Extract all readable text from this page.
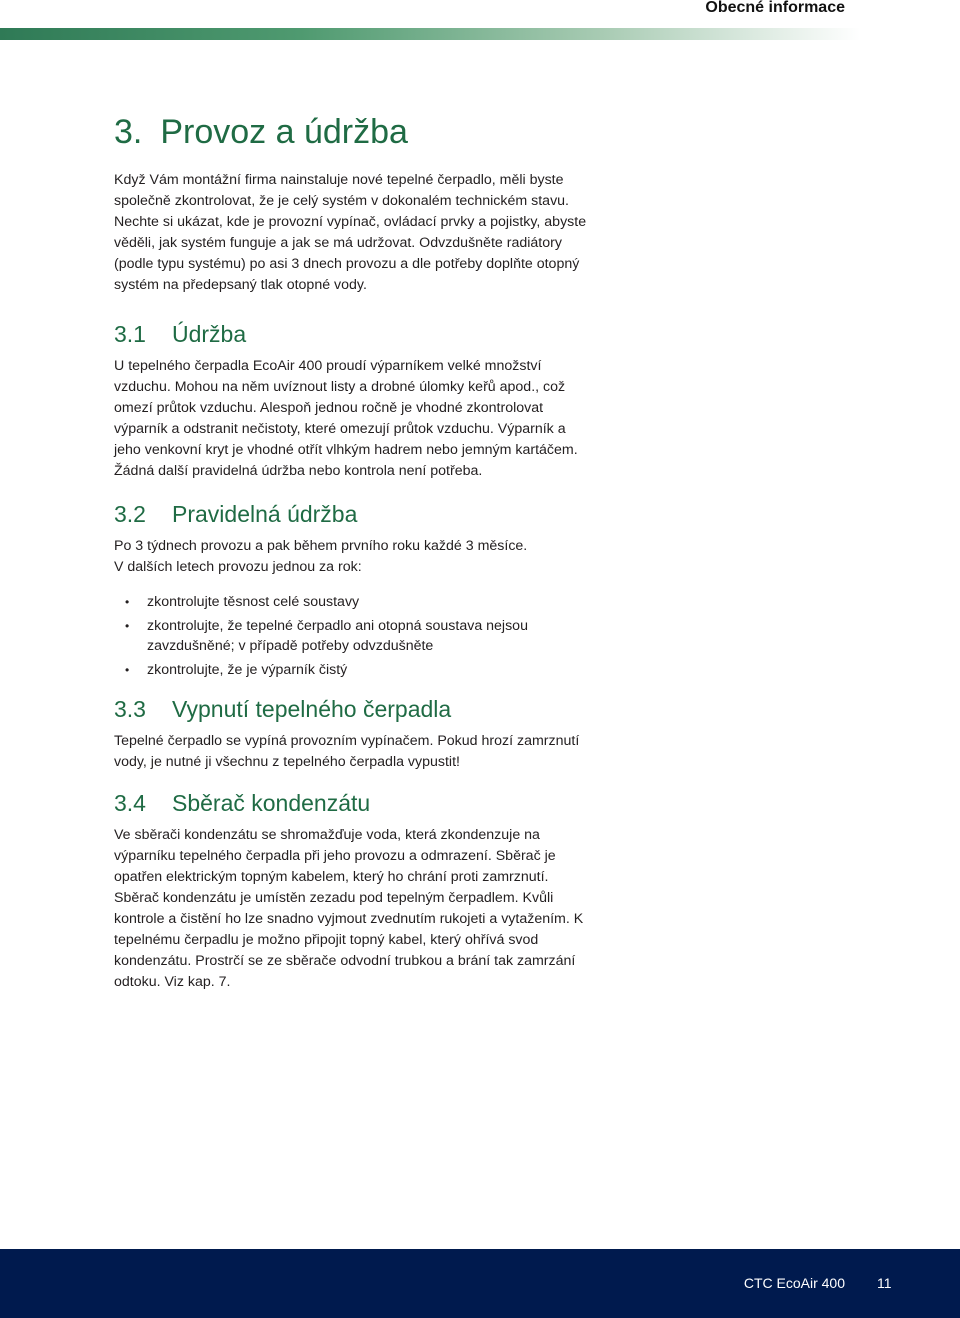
Obecné informace
3. Provoz a údržba

Když Vám montážní firma nainstaluje nové tepelné čerpadlo, měli byste společně zkontrolovat, že je celý systém v dokonalém technickém stavu. Nechte si ukázat, kde je provozní vypínač, ovládací prvky a pojistky, abyste věděli, jak systém funguje a jak se má udržovat. Odvzdušněte radiátory (podle typu systému) po asi 3 dnech provozu a dle potřeby doplňte otopný systém na předepsaný tlak otopné vody.

3.1 Údržba

U tepelného čerpadla EcoAir 400 proudí výparníkem velké množství vzduchu. Mohou na něm uvíznout listy a drobné úlomky keřů apod., což omezí průtok vzduchu. Alespoň jednou ročně je vhodné zkontrolovat výparník a odstranit nečistoty, které omezují průtok vzduchu. Výparník a jeho venkovní kryt je vhodné otřít vlhkým hadrem nebo jemným kartáčem. Žádná další pravidelná údržba nebo kontrola není potřeba.

3.2 Pravidelná údržba

Po 3 týdnech provozu a pak během prvního roku každé 3 měsíce.

V dalších letech provozu jednou za rok:

• zkontrolujte těsnost celé soustavy
• zkontrolujte, že tepelné čerpadlo ani otopná soustava nejsou zavzdušněné; v případě potřeby odvzdušněte
• zkontrolujte, že je výparník čistý
3.3 Vypnutí tepelného čerpadla

Tepelné čerpadlo se vypíná provozním vypínačem. Pokud hrozí zamrznutí vody, je nutné ji všechnu z tepelného čerpadla vypustit!

3.4 Sběrač kondenzátu

Ve sběrači kondenzátu se shromažďuje voda, která zkondenzuje na výparníku tepelného čerpadla při jeho provozu a odmrazení. Sběrač je opatřen elektrickým topným kabelem, který ho chrání proti zamrznutí. Sběrač kondenzátu je umístěn zezadu pod tepelným čerpadlem. Kvůli kontrole a čistění ho lze snadno vyjmout zvednutím rukojeti a vytažením. K tepelnému čerpadlu je možno připojit topný kabel, který ohřívá svod kondenzátu. Prostrčí se ze sběrače odvodní trubkou a brání tak zamrzání odtoku. Viz kap. 7.

CTC EcoAir 400 11
